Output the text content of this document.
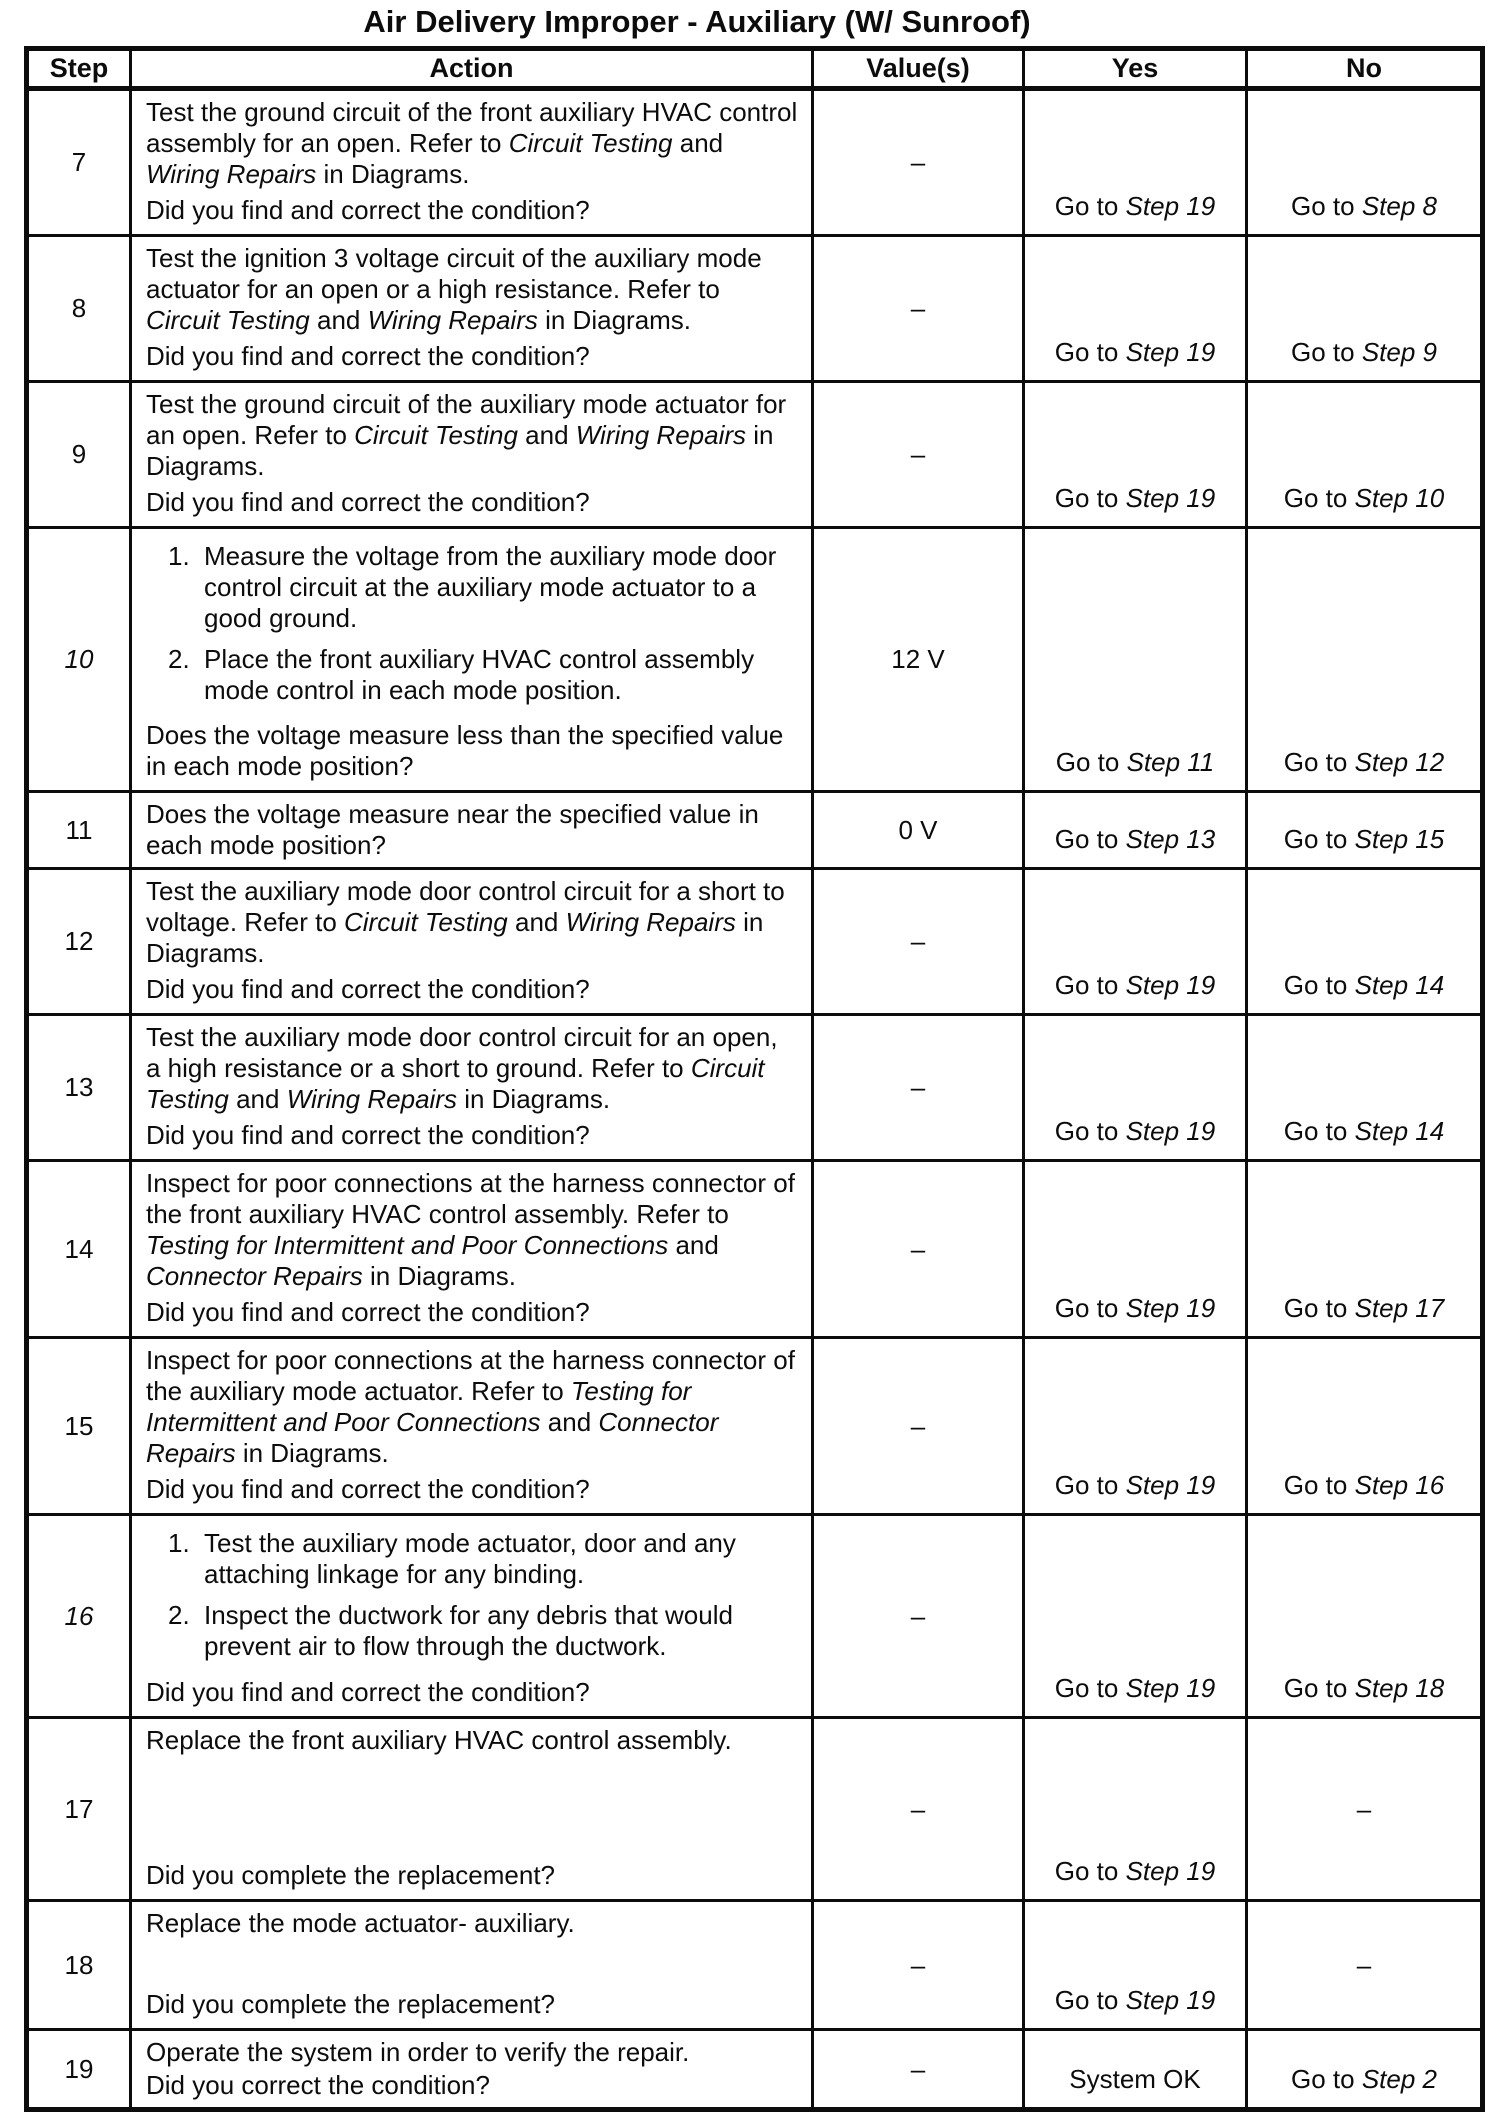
Air Delivery Improper - Auxiliary (W/ Sunroof)
Step	Action	Value(s)	Yes	No
7	Test the ground circuit of the front auxiliary HVAC control assembly for an open. Refer to Circuit Testing and Wiring Repairs in Diagrams.
Did you find and correct the condition?	–	Go to Step 19	Go to Step 8
8	Test the ignition 3 voltage circuit of the auxiliary mode actuator for an open or a high resistance. Refer to Circuit Testing and Wiring Repairs in Diagrams.
Did you find and correct the condition?	–	Go to Step 19	Go to Step 9
9	Test the ground circuit of the auxiliary mode actuator for an open. Refer to Circuit Testing and Wiring Repairs in Diagrams.
Did you find and correct the condition?	–	Go to Step 19	Go to Step 10
10	1. Measure the voltage from the auxiliary mode door control circuit at the auxiliary mode actuator to a good ground.
2. Place the front auxiliary HVAC control assembly mode control in each mode position.
Does the voltage measure less than the specified value in each mode position?	12 V	Go to Step 11	Go to Step 12
11	Does the voltage measure near the specified value in each mode position?	0 V	Go to Step 13	Go to Step 15
12	Test the auxiliary mode door control circuit for a short to voltage. Refer to Circuit Testing and Wiring Repairs in Diagrams.
Did you find and correct the condition?	–	Go to Step 19	Go to Step 14
13	Test the auxiliary mode door control circuit for an open, a high resistance or a short to ground. Refer to Circuit Testing and Wiring Repairs in Diagrams.
Did you find and correct the condition?	–	Go to Step 19	Go to Step 14
14	Inspect for poor connections at the harness connector of the front auxiliary HVAC control assembly. Refer to Testing for Intermittent and Poor Connections and Connector Repairs in Diagrams.
Did you find and correct the condition?	–	Go to Step 19	Go to Step 17
15	Inspect for poor connections at the harness connector of the auxiliary mode actuator. Refer to Testing for Intermittent and Poor Connections and Connector Repairs in Diagrams.
Did you find and correct the condition?	–	Go to Step 19	Go to Step 16
16	1. Test the auxiliary mode actuator, door and any attaching linkage for any binding.
2. Inspect the ductwork for any debris that would prevent air to flow through the ductwork.
Did you find and correct the condition?	–	Go to Step 19	Go to Step 18
17	Replace the front auxiliary HVAC control assembly.
Did you complete the replacement?	–	Go to Step 19	–
18	Replace the mode actuator- auxiliary.
Did you complete the replacement?	–	Go to Step 19	–
19	Operate the system in order to verify the repair.
Did you correct the condition?	–	System OK	Go to Step 2
